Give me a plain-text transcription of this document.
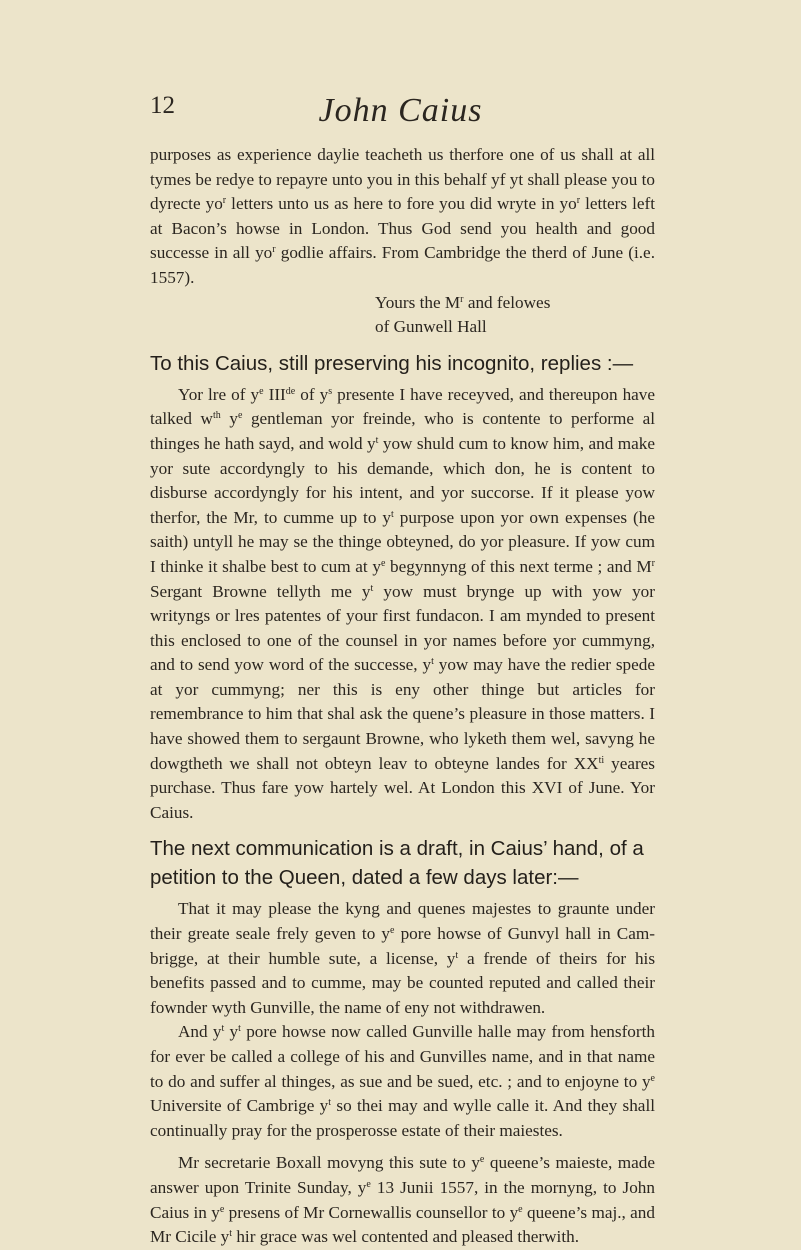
12	John Caius

purposes as experience daylie teacheth us therfore one of us shall at all tymes be redye to repayre unto you in this behalf yf yt shall please you to dyrecte $yo^r$ letters unto us as here to fore you did wryte in $yo^r$ letters left at Bacon’s howse in London. Thus God send you health and good successe in all $yo^r$ godlie affairs. From Cambridge the therd of June (i.e. 1557).

Yours the $M^r$ and felowes
of Gunwell Hall

To this Caius, still preserving his incognito, replies :—

Yor lre of $y^e$ IIIde of $y^s$ presente I have receyved, and thereupon have talked $w^{th}$ $y^e$ gentleman yor freinde, who is contente to performe al thinges he hath sayd, and wold $y^t$ yow shuld cum to know him, and make yor sute accordyngly to his demande, which don, he is content to disburse accordyngly for his intent, and yor succorse. If it please yow therfor, the Mr, to cumme up to $y^t$ purpose upon yor own expenses (he saith) untyll he may se the thinge obteyned, do yor pleasure. If yow cum I thinke it shalbe best to cum at $y^e$ begynnyng of this next terme ; and $M^r$ Sergant Browne tellyth me $y^t$ yow must brynge up with yow yor writyngs or lres patentes of your first fundacon. I am mynded to present this enclosed to one of the counsel in yor names before yor cummyng, and to send yow word of the successe, $y^t$ yow may have the redier spede at yor cummyng; ner this is eny other thinge but articles for remembrance to him that shal ask the quene’s pleasure in those matters. I have showed them to sergaunt Browne, who lyketh them wel, savyng he dowgtheth we shall not obteyn leav to obteyne landes for $XX^{ti}$ yeares purchase. Thus fare yow hartely wel. At London this XVI of June. Yor Caius.

The next communication is a draft, in Caius’ hand, of a petition to the Queen, dated a few days later:—

That it may please the kyng and quenes majestes to graunte under their greate seale frely geven to $y^e$ pore howse of Gunvyl hall in Cam-brigge, at their humble sute, a license, $y^t$ a frende of theirs for his benefits passed and to cumme, may be counted reputed and called their fownder wyth Gunville, the name of eny not withdrawen.

And $y^t$ $y^t$ pore howse now called Gunville halle may from hensforth for ever be called a college of his and Gunvilles name, and in that name to do and suffer al thinges, as sue and be sued, etc. ; and to enjoyne to $y^e$ Universite of Cambrige $y^t$ so thei may and wylle calle it. And they shall continually pray for the prosperosse estate of their maiestes.

Mr secretarie Boxall movyng this sute to $y^e$ queene’s maieste, made answer upon Trinite Sunday, $y^e$ 13 Junii 1557, in the mornyng, to John Caius in $y^e$ presens of Mr Cornewallis counsellor to $y^e$ queene’s maj., and Mr Cicile $y^t$ hir grace was wel contented and pleased therwith.
